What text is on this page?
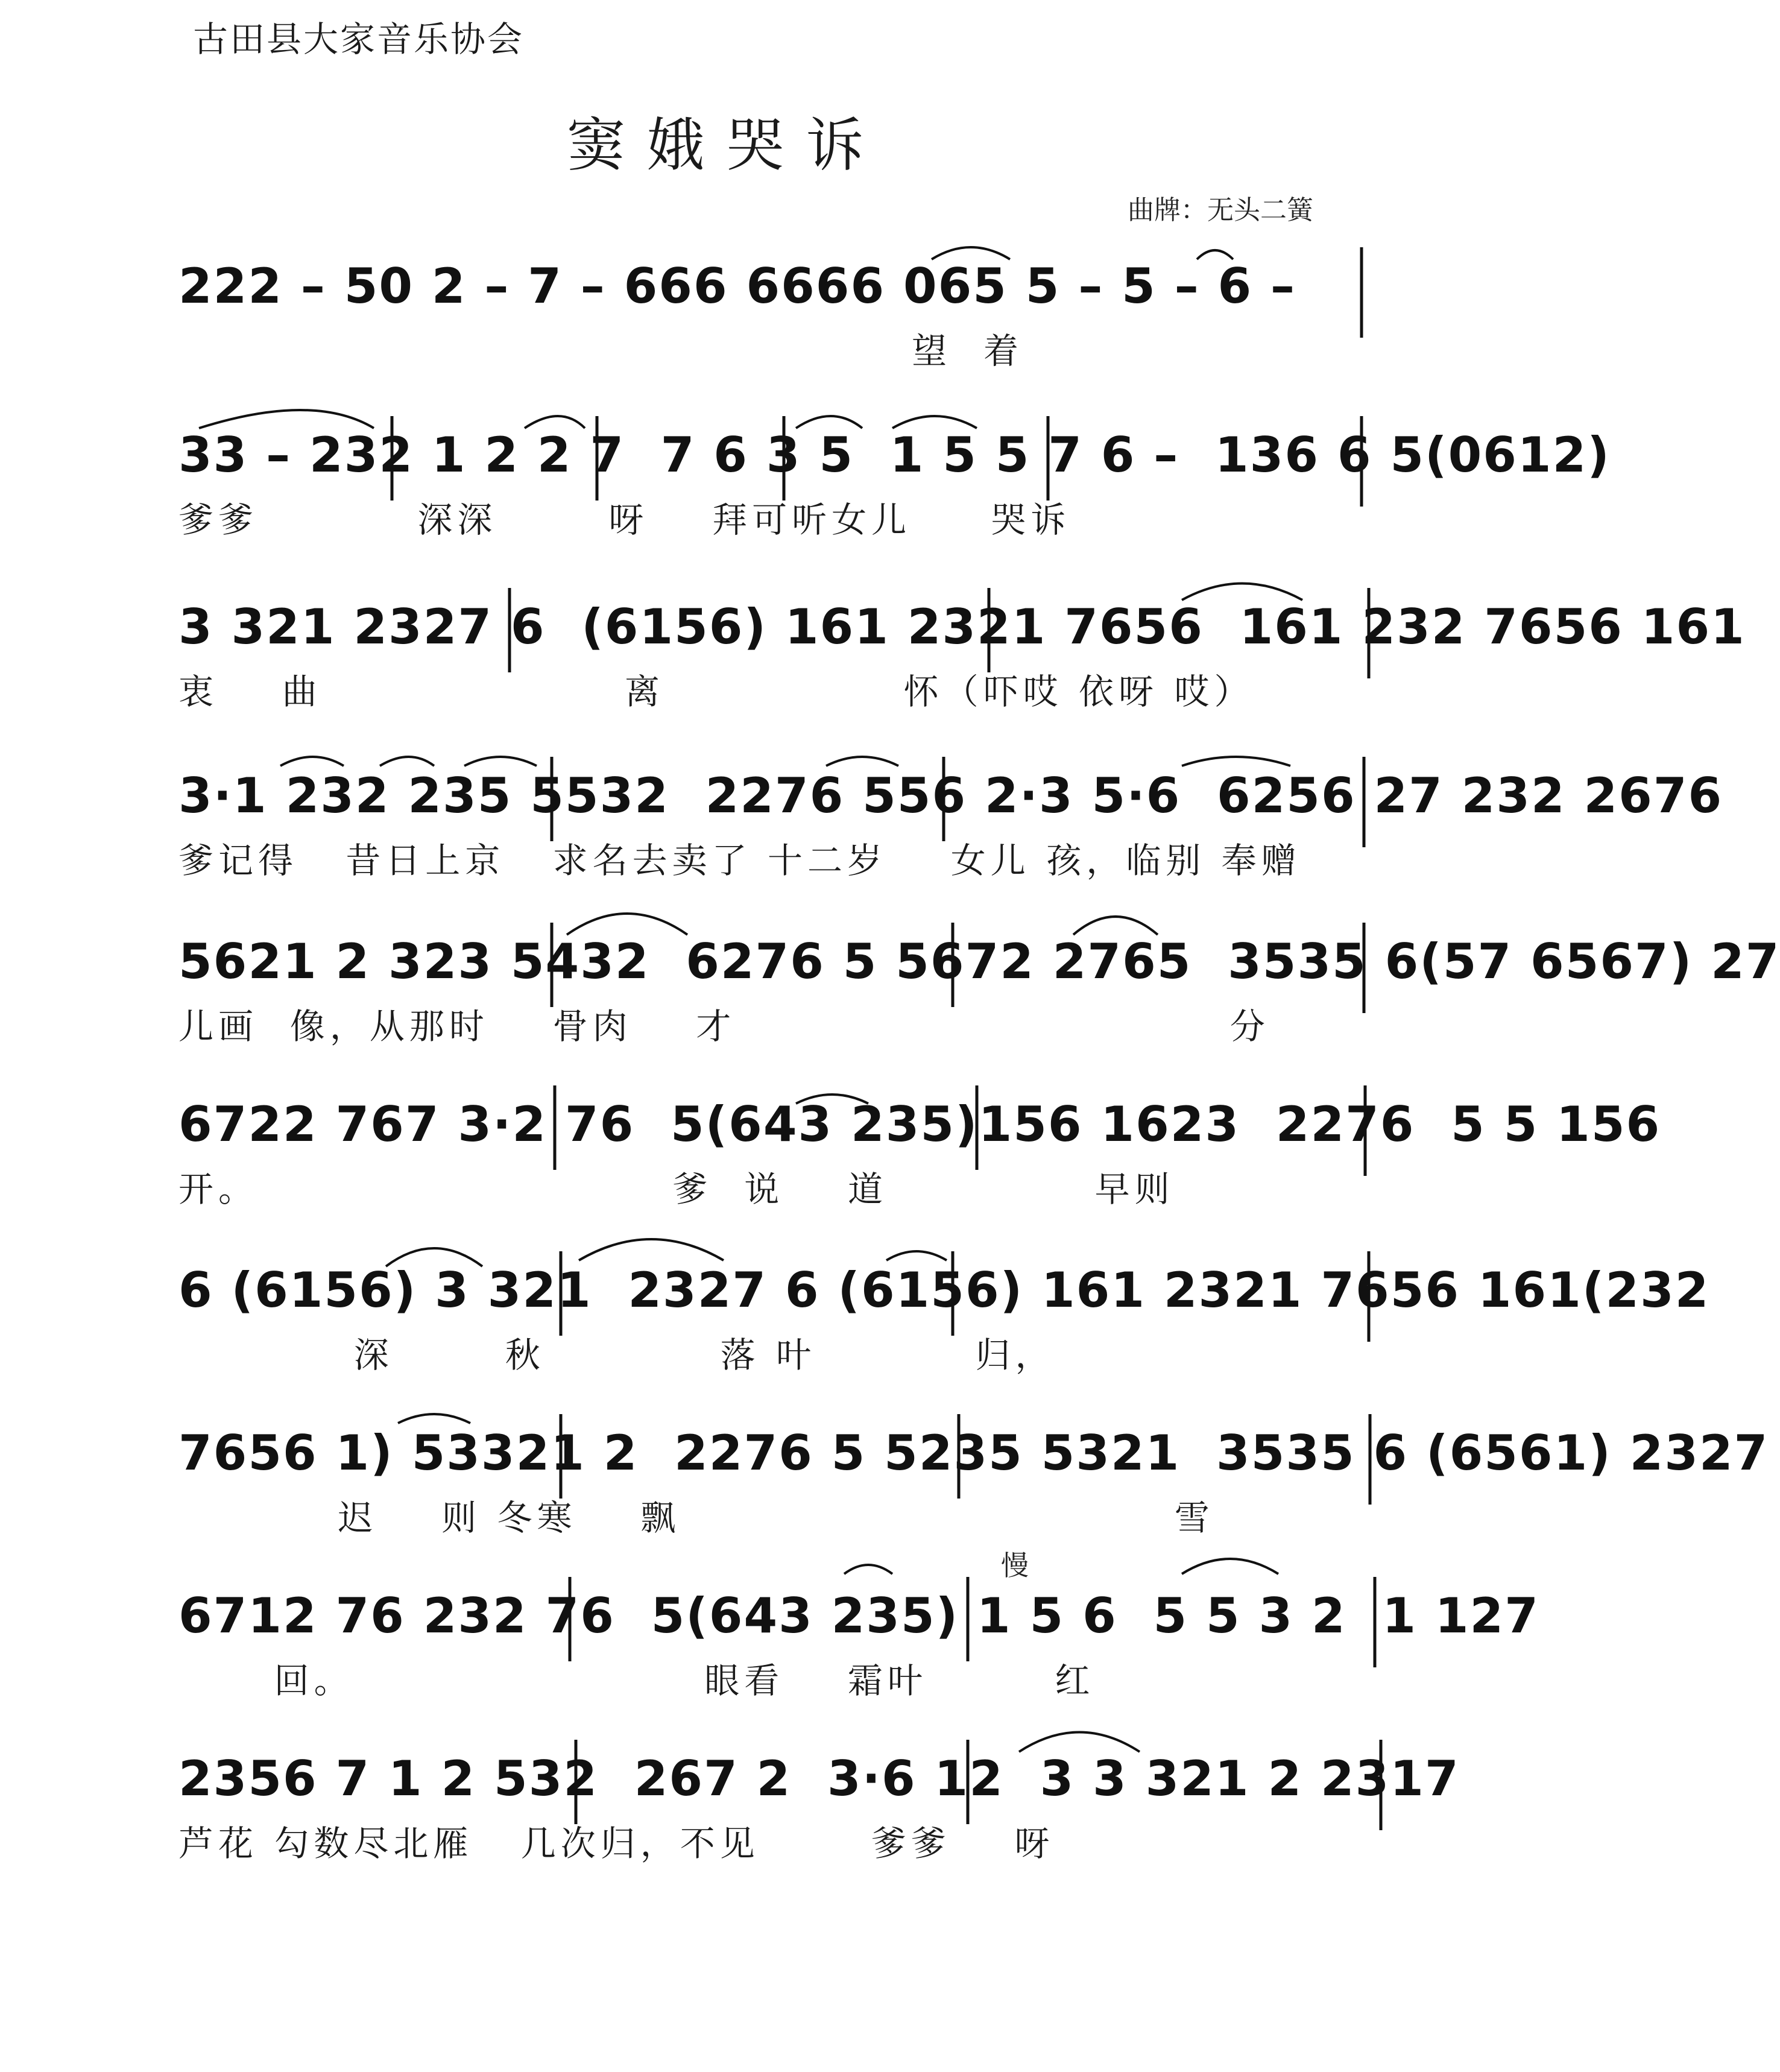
古田县大家音乐协会
窦娥哭诉
曲牌：无头二簧
慢
222 – 50 2 – 7 – 666 6666 065 5 – 5 – 6 –
望  着
33 – 232 1 2 2 7  7 6 3 5  1 5 5 7 6 –  136 6 5(0612)
爹爹          深深       呀    拜可听女儿     哭诉
3 321 2327 6  (6156) 161 2321 7656  161 232 7656 161
衷    曲                   离               怀（吓哎 依呀 哎）
3·1 232 235 5532  2276 556 2·3 5·6  6256 27 232 2676
爹记得   昔日上京   求名去卖了 十二岁    女儿 孩，临别 奉赠
5621 2 323 5432  6276 5 5672 2765  3535 6(57 6567) 27
儿画  像，从那时    骨肉    才                               分
6722 767 3·2 76  5(643 235)156 1623  2276  5 5 156
开。                          爹  说    道             早则
6 (6156) 3 321  2327 6 (6156) 161 2321 7656 161(232
深       秋           落 叶          归，
7656 1) 53321 2  2276 5 5235 5321  3535 6 (6561) 2327
迟    则 冬寒    飘                               雪
6712 76 232 76  5(643 235) 1 5 6  5 5 3 2  1 127
回。                      眼看    霜叶        红
2356 7 1 2 532  267 2  3·6 12  3 3 321 2 2317
芦花 勾数尽北雁   几次归，不见       爹爹    呀
